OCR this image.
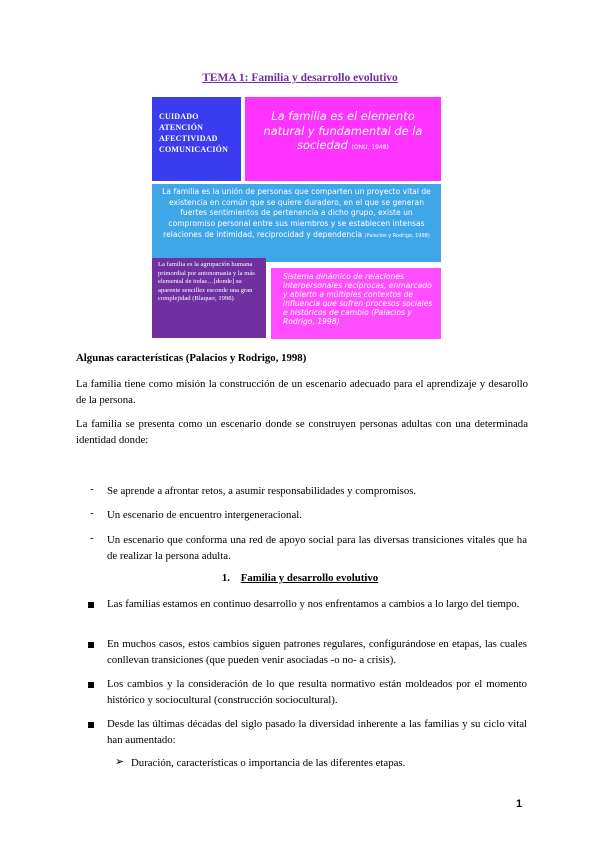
TEMA 1: Familia y desarrollo evolutivo
CUIDADO
ATENCIÓN
AFECTIVIDAD
COMUNICACIÓN
La familia es el elemento natural y fundamental de la sociedad (ONU, 1948)
La familia es la unión de personas que comparten un proyecto vital de existencia en común que se quiere duradero, en el que se generan fuertes sentimientos de pertenencia a dicho grupo, existe un compromiso personal entre sus miembros y se establecen intensas relaciones de intimidad, reciprocidad y dependencia (Palacios y Rodrigo, 1998)
La familia es la agrupación humana primordial por antonomasia y la más elemental de todas…[donde] su aparente sencillez esconde una gran complejidad (Blaquer, 1998)
Sistema dinámico de relaciones interpersonales recíprocas, enmarcado y abierto a múltiples contextos de influencia que sufren procesos sociales e históricos de cambio (Palacios y Rodrigo, 1998)
Algunas características (Palacios y Rodrigo, 1998)
La familia tiene como misión la construcción de un escenario adecuado para el aprendizaje y desarollo de la persona.
La familia se presenta como un escenario donde se construyen personas adultas con una determinada identidad donde:
- Se aprende a afrontar retos, a asumir responsabilidades y compromisos.
- Un escenario de encuentro intergeneracional.
- Un escenario que conforma una red de apoyo social para las diversas transiciones vitales que ha de realizar la persona adulta.
1. Familia y desarrollo evolutivo
Las familias estamos en continuo desarrollo y nos enfrentamos a cambios a lo largo del tiempo.
En muchos casos, estos cambios siguen patrones regulares, configurándose en etapas, las cuales conllevan transiciones (que pueden venir asociadas -o no- a crisis).
Los cambios y la consideración de lo que resulta normativo están moldeados por el momento histórico y sociocultural (construcción sociocultural).
Desde las últimas décadas del siglo pasado la diversidad inherente a las familias y su ciclo vital han aumentado:
➢ Duración, características o importancia de las diferentes etapas.
1
